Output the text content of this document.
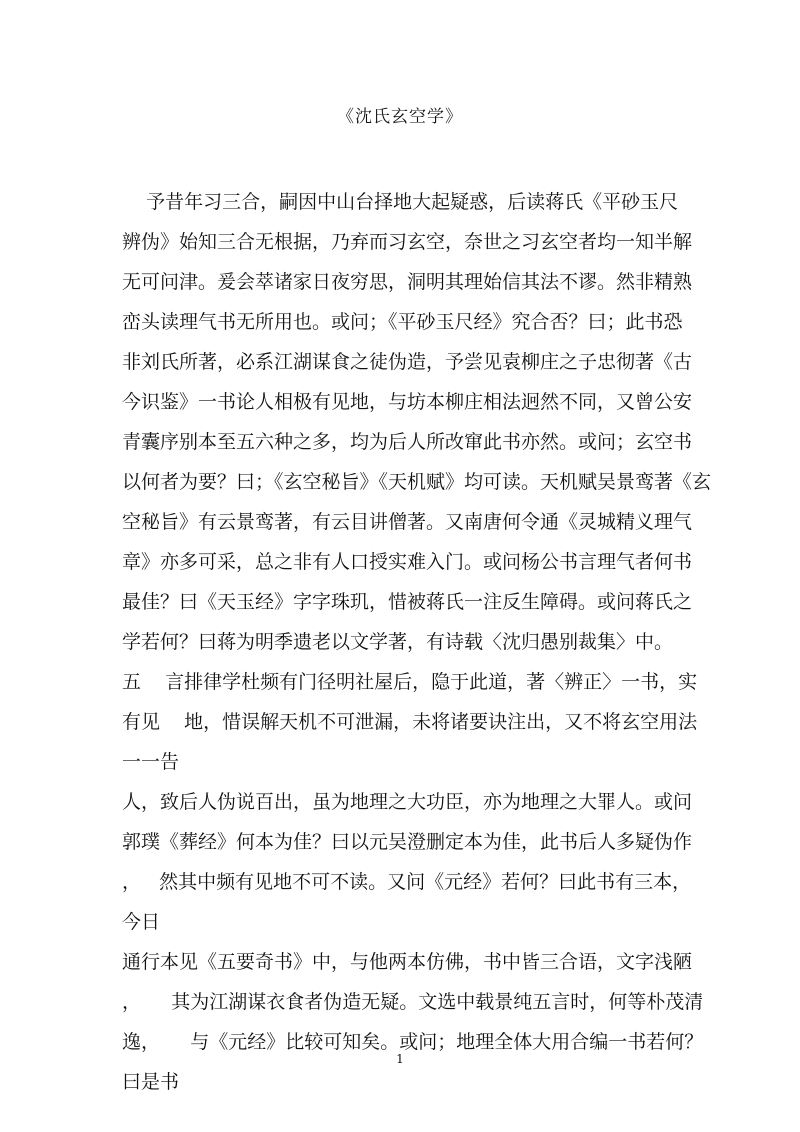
《沈氏玄空学》
予昔年习三合，嗣因中山台择地大起疑惑，后读蒋氏《平砂玉尺
辨伪》始知三合无根据，乃弃而习玄空，奈世之习玄空者均一知半解
无可问津。爰会萃诸家日夜穷思，洞明其理始信其法不谬。然非精熟
峦头读理气书无所用也。或问；《平砂玉尺经》究合否？曰；此书恐
非刘氏所著，必系江湖谋食之徒伪造，予尝见袁柳庄之子忠彻著《古
今识鉴》一书论人相极有见地，与坊本柳庄相法迥然不同，又曾公安
青囊序别本至五六种之多，均为后人所改窜此书亦然。或问；玄空书
以何者为要？曰；《玄空秘旨》《天机赋》均可读。天机赋吴景鸾著《玄
空秘旨》有云景鸾著，有云目讲僧著。又南唐何令通《灵城精义理气
章》亦多可采，总之非有人口授实难入门。或问杨公书言理气者何书
最佳？曰《天玉经》字字珠玑，惜被蒋氏一注反生障碍。或问蒋氏之
学若何？曰蒋为明季遗老以文学著，有诗载〈沈归愚别裁集〉中。
五    言排律学杜频有门径明社屋后，隐于此道，著〈辨正〉一书，实
有见    地，惜误解天机不可泄漏，未将诸要诀注出，又不将玄空用法
一一告
人，致后人伪说百出，虽为地理之大功臣，亦为地理之大罪人。或问
郭璞《葬经》何本为佳？曰以元吴澄删定本为佳，此书后人多疑伪作
，   然其中频有见地不可不读。又问《元经》若何？曰此书有三本，
今日
通行本见《五要奇书》中，与他两本仿佛，书中皆三合语，文字浅陋
，     其为江湖谋衣食者伪造无疑。文选中载景纯五言时，何等朴茂清
逸，     与《元经》比较可知矣。或问；地理全体大用合编一书若何？
曰是书
1
